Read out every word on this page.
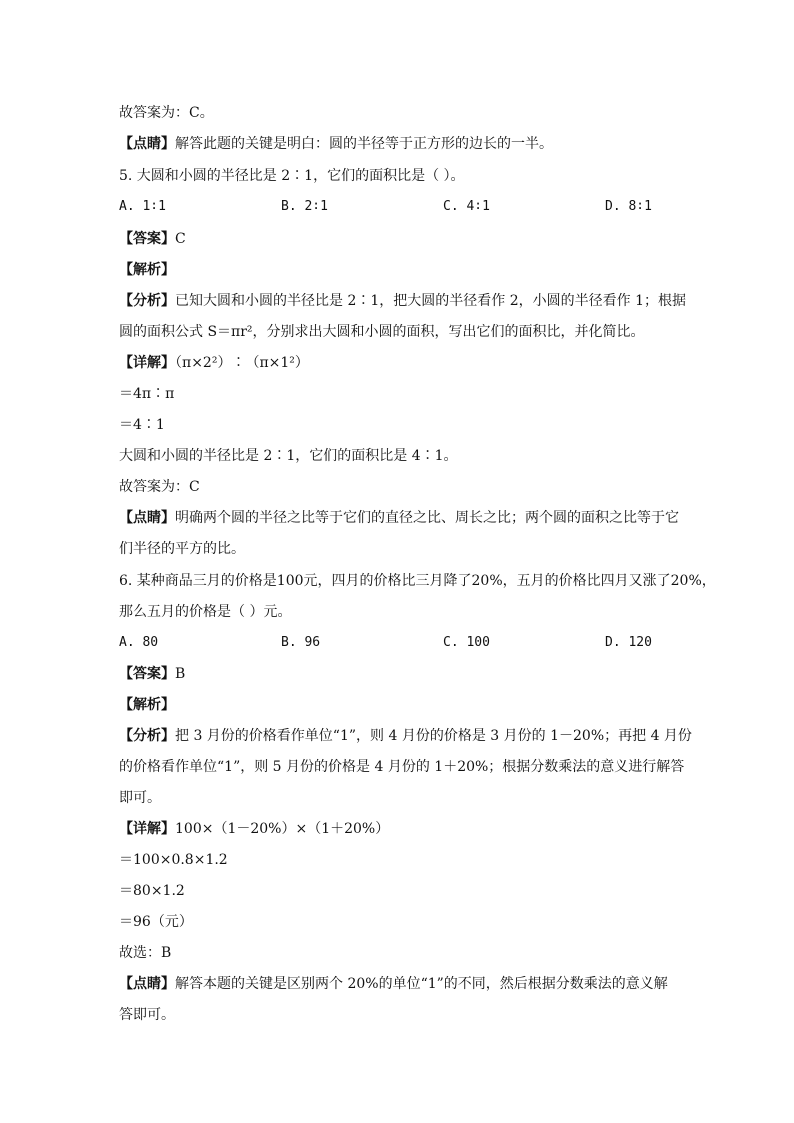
故答案为：C。
【点睛】解答此题的关键是明白：圆的半径等于正方形的边长的一半。
5. 大圆和小圆的半径比是 2∶1，它们的面积比是（ ）。
A. 1∶1	B. 2∶1	C. 4∶1	D. 8∶1
【答案】C
【解析】
【分析】已知大圆和小圆的半径比是 2∶1，把大圆的半径看作 2，小圆的半径看作 1；根据
圆的面积公式 S＝πr²，分别求出大圆和小圆的面积，写出它们的面积比，并化简比。
【详解】（π×2²）∶（π×1²）
＝4π∶π
＝4∶1
大圆和小圆的半径比是 2∶1，它们的面积比是 4∶1。
故答案为：C
【点睛】明确两个圆的半径之比等于它们的直径之比、周长之比；两个圆的面积之比等于它
们半径的平方的比。
6. 某种商品三月的价格是100元，四月的价格比三月降了20%，五月的价格比四月又涨了20%，
那么五月的价格是（ ）元。
A. 80	B. 96	C. 100	D. 120
【答案】B
【解析】
【分析】把 3 月份的价格看作单位“1”，则 4 月份的价格是 3 月份的 1－20%；再把 4 月份
的价格看作单位“1”，则 5 月份的价格是 4 月份的 1＋20%；根据分数乘法的意义进行解答
即可。
【详解】100×（1－20%）×（1＋20%）
＝100×0.8×1.2
＝80×1.2
＝96（元）
故选：B
【点睛】解答本题的关键是区别两个 20%的单位“1”的不同，然后根据分数乘法的意义解
答即可。
